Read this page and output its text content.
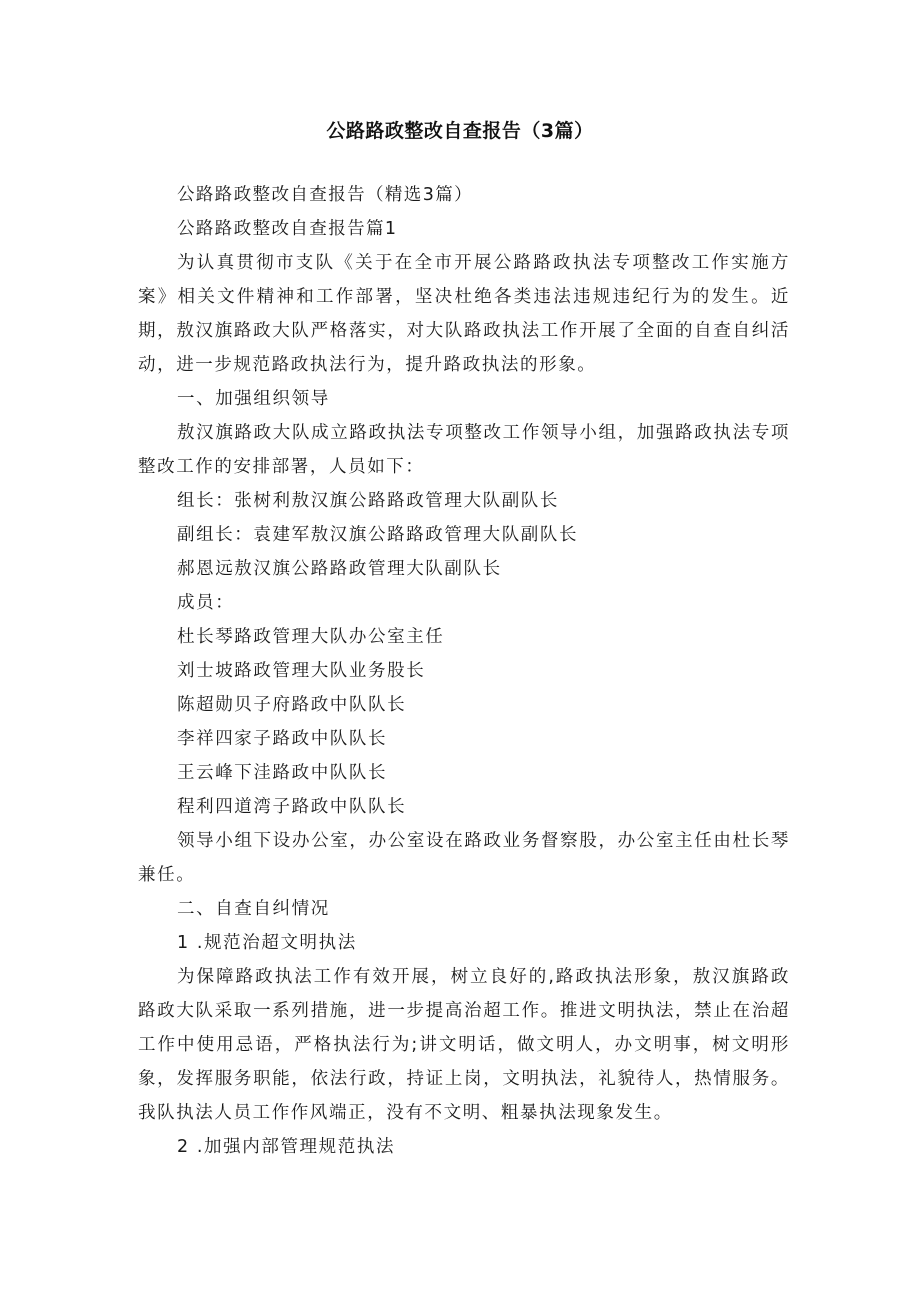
公路路政整改自查报告（3篇）

公路路政整改自查报告（精选3篇）

公路路政整改自查报告篇1

为认真贯彻市支队《关于在全市开展公路路政执法专项整改工作实施方案》相关文件精神和工作部署，坚决杜绝各类违法违规违纪行为的发生。近期，敖汉旗路政大队严格落实，对大队路政执法工作开展了全面的自查自纠活动，进一步规范路政执法行为，提升路政执法的形象。

一、加强组织领导

敖汉旗路政大队成立路政执法专项整改工作领导小组，加强路政执法专项整改工作的安排部署，人员如下：

组长：张树利敖汉旗公路路政管理大队副队长

副组长：袁建军敖汉旗公路路政管理大队副队长

郝恩远敖汉旗公路路政管理大队副队长

成员：

杜长琴路政管理大队办公室主任

刘士坡路政管理大队业务股长

陈超勋贝子府路政中队队长

李祥四家子路政中队队长

王云峰下洼路政中队队长

程利四道湾子路政中队队长

领导小组下设办公室，办公室设在路政业务督察股，办公室主任由杜长琴兼任。

二、自查自纠情况

1 .规范治超文明执法

为保障路政执法工作有效开展，树立良好的,路政执法形象，敖汉旗路政路政大队采取一系列措施，进一步提高治超工作。推进文明执法，禁止在治超工作中使用忌语，严格执法行为;讲文明话，做文明人，办文明事，树文明形象，发挥服务职能，依法行政，持证上岗，文明执法，礼貌待人，热情服务。我队执法人员工作作风端正，没有不文明、粗暴执法现象发生。

2 .加强内部管理规范执法
